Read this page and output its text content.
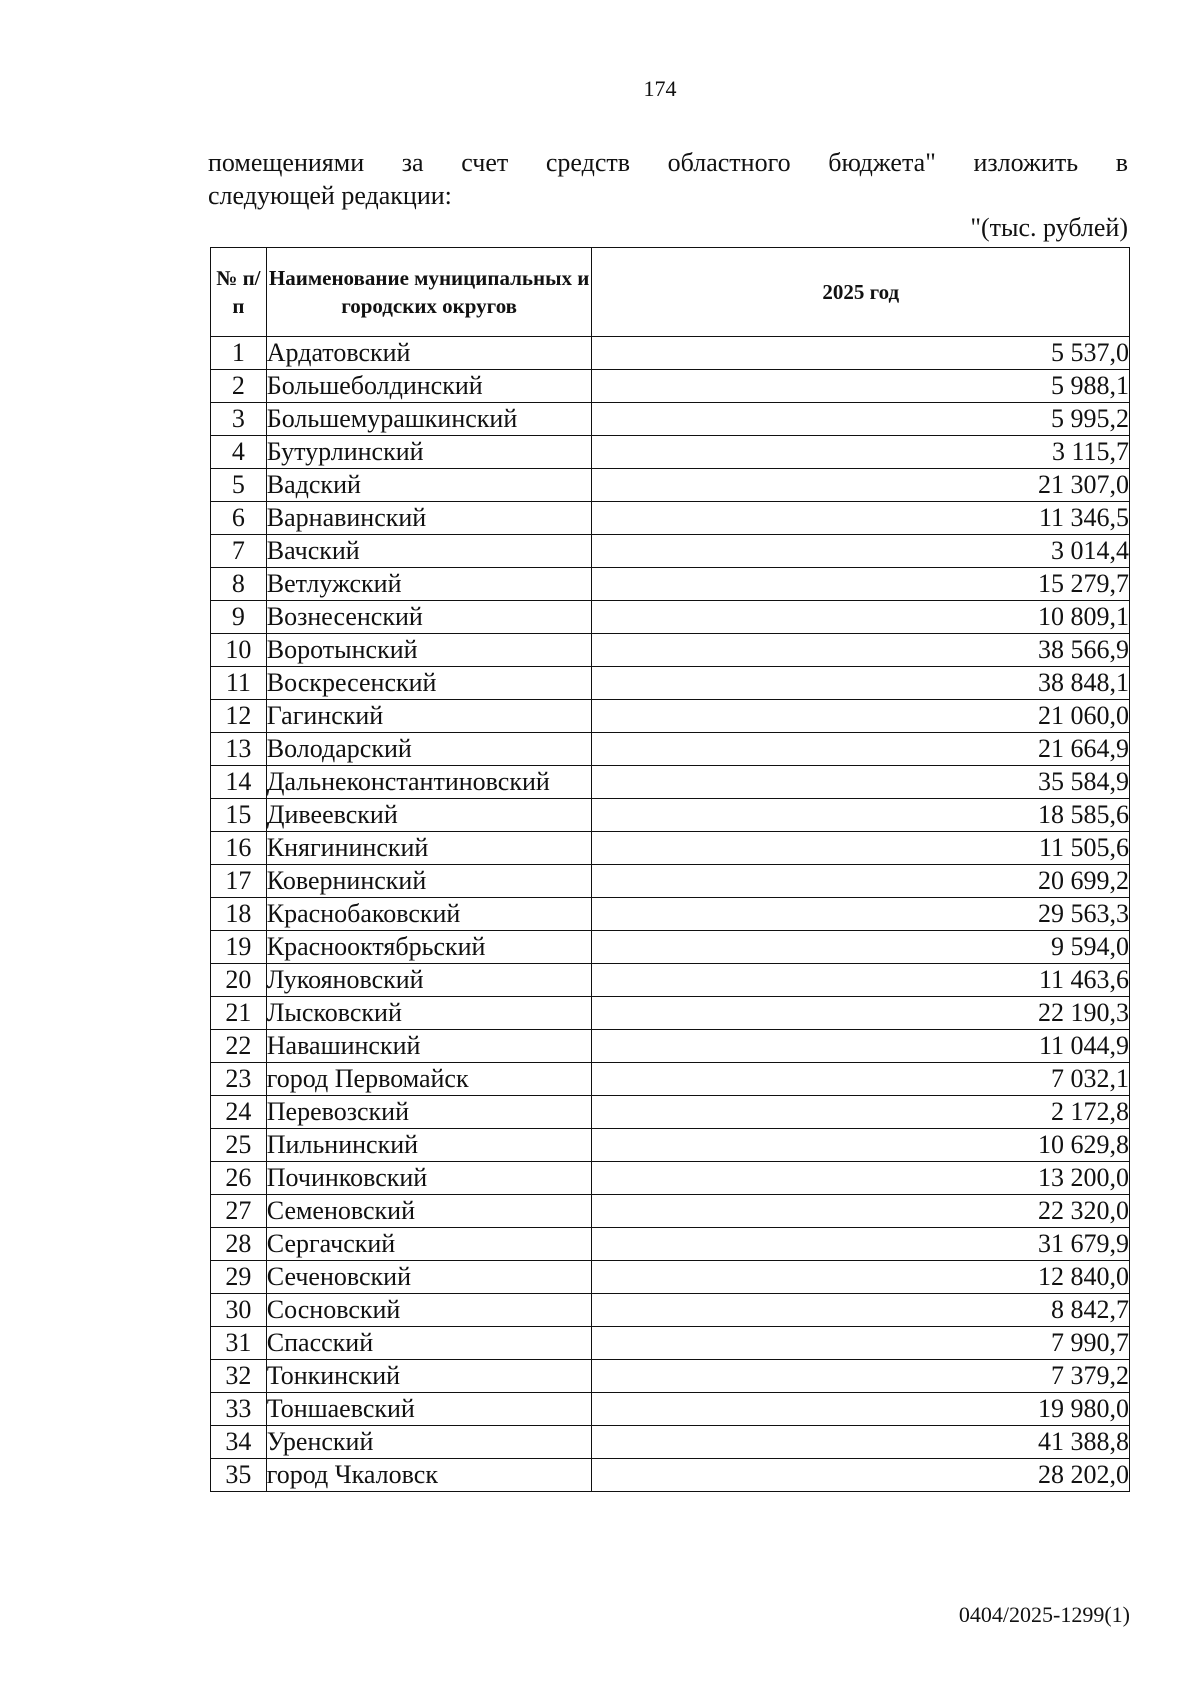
174
помещениями за счет средств областного бюджета" изложить в
следующей редакции:
"(тыс. рублей)
№ п/п	Наименование муниципальных и городских округов	2025 год
1	Ардатовский	5 537,0
2	Большеболдинский	5 988,1
3	Большемурашкинский	5 995,2
4	Бутурлинский	3 115,7
5	Вадский	21 307,0
6	Варнавинский	11 346,5
7	Вачский	3 014,4
8	Ветлужский	15 279,7
9	Вознесенский	10 809,1
10	Воротынский	38 566,9
11	Воскресенский	38 848,1
12	Гагинский	21 060,0
13	Володарский	21 664,9
14	Дальнеконстантиновский	35 584,9
15	Дивеевский	18 585,6
16	Княгининский	11 505,6
17	Ковернинский	20 699,2
18	Краснобаковский	29 563,3
19	Краснооктябрьский	9 594,0
20	Лукояновский	11 463,6
21	Лысковский	22 190,3
22	Навашинский	11 044,9
23	город Первомайск	7 032,1
24	Перевозский	2 172,8
25	Пильнинский	10 629,8
26	Починковский	13 200,0
27	Семеновский	22 320,0
28	Сергачский	31 679,9
29	Сеченовский	12 840,0
30	Сосновский	8 842,7
31	Спасский	7 990,7
32	Тонкинский	7 379,2
33	Тоншаевский	19 980,0
34	Уренский	41 388,8
35	город Чкаловск	28 202,0
0404/2025-1299(1)
